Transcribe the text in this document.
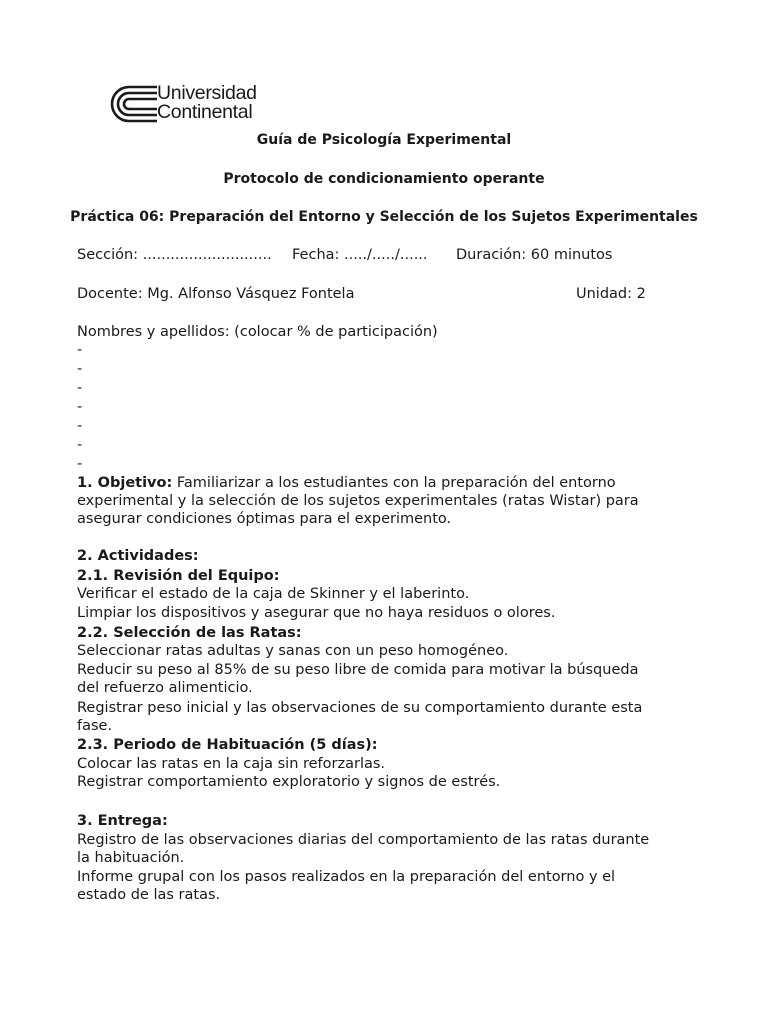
Universidad
Continental
Guía de Psicología Experimental
Protocolo de condicionamiento operante
Práctica 06: Preparación del Entorno y Selección de los Sujetos Experimentales
Sección: ............................ Fecha: ...../...../...... Duración: 60 minutos
Docente: Mg. Alfonso Vásquez Fontela	Unidad: 2
Nombres y apellidos: (colocar % de participación)
-
-
-
-
-
-
-
1. Objetivo: Familiarizar a los estudiantes con la preparación del entorno
experimental y la selección de los sujetos experimentales (ratas Wistar) para
asegurar condiciones óptimas para el experimento.
2. Actividades:
2.1. Revisión del Equipo:
Verificar el estado de la caja de Skinner y el laberinto.
Limpiar los dispositivos y asegurar que no haya residuos o olores.
2.2. Selección de las Ratas:
Seleccionar ratas adultas y sanas con un peso homogéneo.
Reducir su peso al 85% de su peso libre de comida para motivar la búsqueda
del refuerzo alimenticio.
Registrar peso inicial y las observaciones de su comportamiento durante esta
fase.
2.3. Periodo de Habituación (5 días):
Colocar las ratas en la caja sin reforzarlas.
Registrar comportamiento exploratorio y signos de estrés.
3. Entrega:
Registro de las observaciones diarias del comportamiento de las ratas durante
la habituación.
Informe grupal con los pasos realizados en la preparación del entorno y el
estado de las ratas.
